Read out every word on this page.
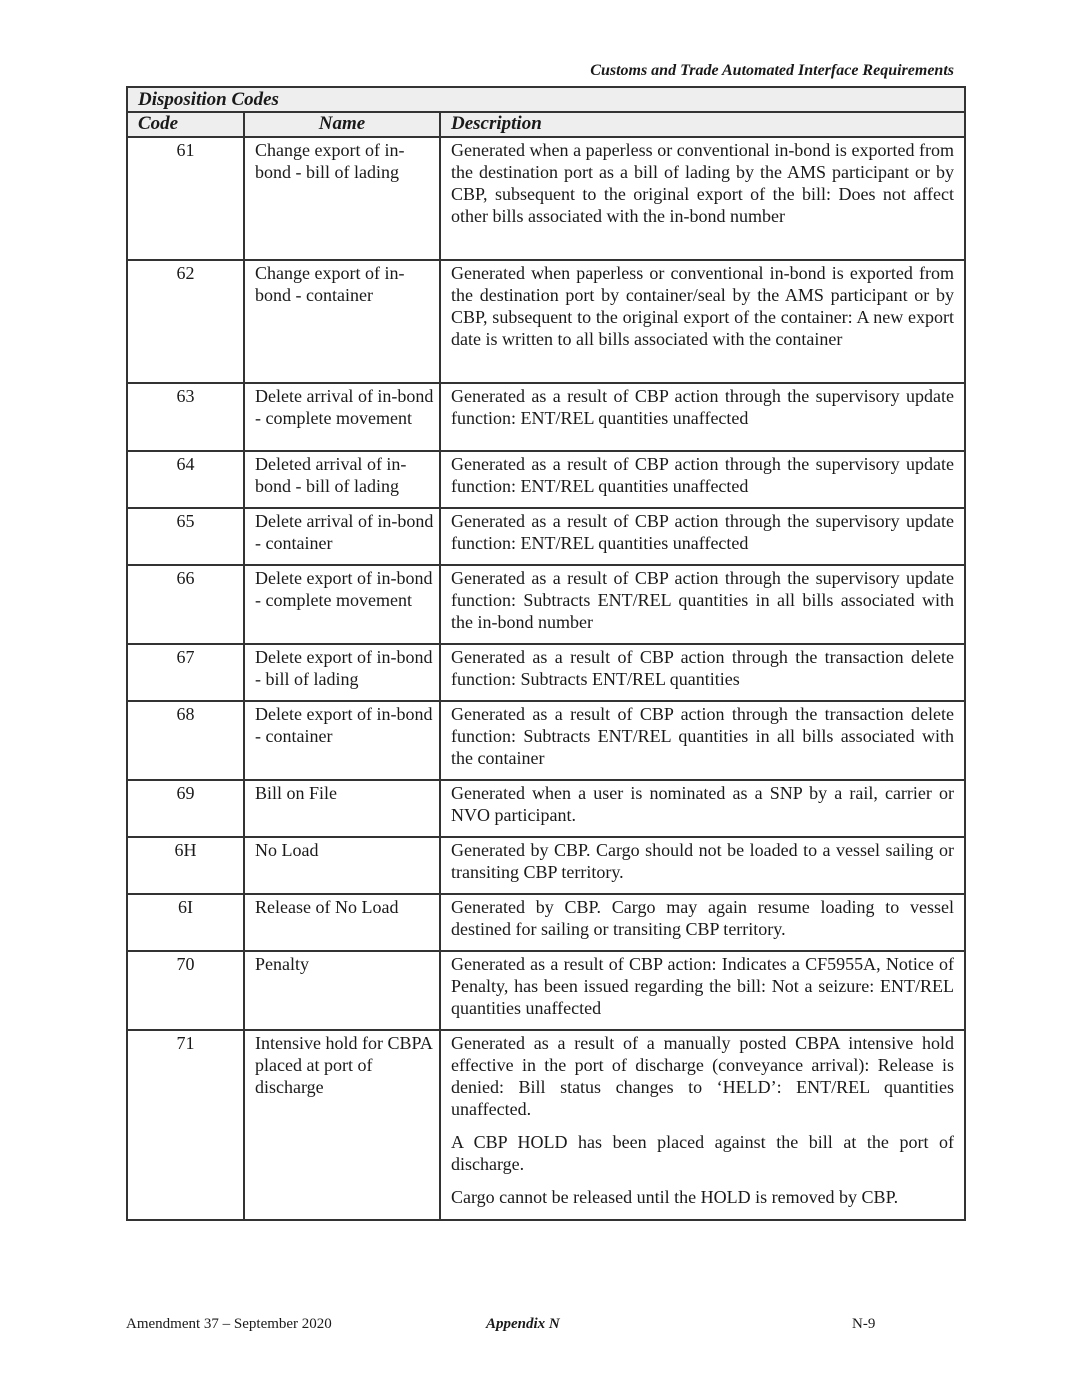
Customs and Trade Automated Interface Requirements
Disposition Codes		
Code	Name	Description
61	Change export of in-bond - bill of lading	Generated when a paperless or conventional in-bond is exported from the destination port as a bill of lading by the AMS participant or by CBP, subsequent to the original export of the bill: Does not affect other bills associated with the in-bond number

62	Change export of in-bond - container	Generated when paperless or conventional in-bond is exported from the destination port by container/seal by the AMS participant or by CBP, subsequent to the original export of the container: A new export date is written to all bills associated with the container

63	Delete arrival of in-bond - complete movement	Generated as a result of CBP action through the supervisory update function: ENT/REL quantities unaffected

64	Deleted arrival of in-bond - bill of lading	Generated as a result of CBP action through the supervisory update function: ENT/REL quantities unaffected

65	Delete arrival of in-bond - container	Generated as a result of CBP action through the supervisory update function: ENT/REL quantities unaffected

66	Delete export of in-bond - complete movement	Generated as a result of CBP action through the supervisory update function: Subtracts ENT/REL quantities in all bills associated with the in-bond number

67	Delete export of in-bond - bill of lading	Generated as a result of CBP action through the transaction delete function: Subtracts ENT/REL quantities

68	Delete export of in-bond - container	Generated as a result of CBP action through the transaction delete function: Subtracts ENT/REL quantities in all bills associated with the container

69	Bill on File	Generated when a user is nominated as a SNP by a rail, carrier or NVO participant.

6H	No Load	Generated by CBP. Cargo should not be loaded to a vessel sailing or transiting CBP territory.

6I	Release of No Load	Generated by CBP. Cargo may again resume loading to vessel destined for sailing or transiting CBP territory.

70	Penalty	Generated as a result of CBP action: Indicates a CF5955A, Notice of Penalty, has been issued regarding the bill: Not a seizure: ENT/REL quantities unaffected

71	Intensive hold for CBPA placed at port of discharge	Generated as a result of a manually posted CBPA intensive hold effective in the port of discharge (conveyance arrival): Release is denied: Bill status changes to ‘HELD’: ENT/REL quantities unaffected.

A CBP HOLD has been placed against the bill at the port of discharge.

Cargo cannot be released until the HOLD is removed by CBP.

Amendment 37 – September 2020	Appendix N	N-9
